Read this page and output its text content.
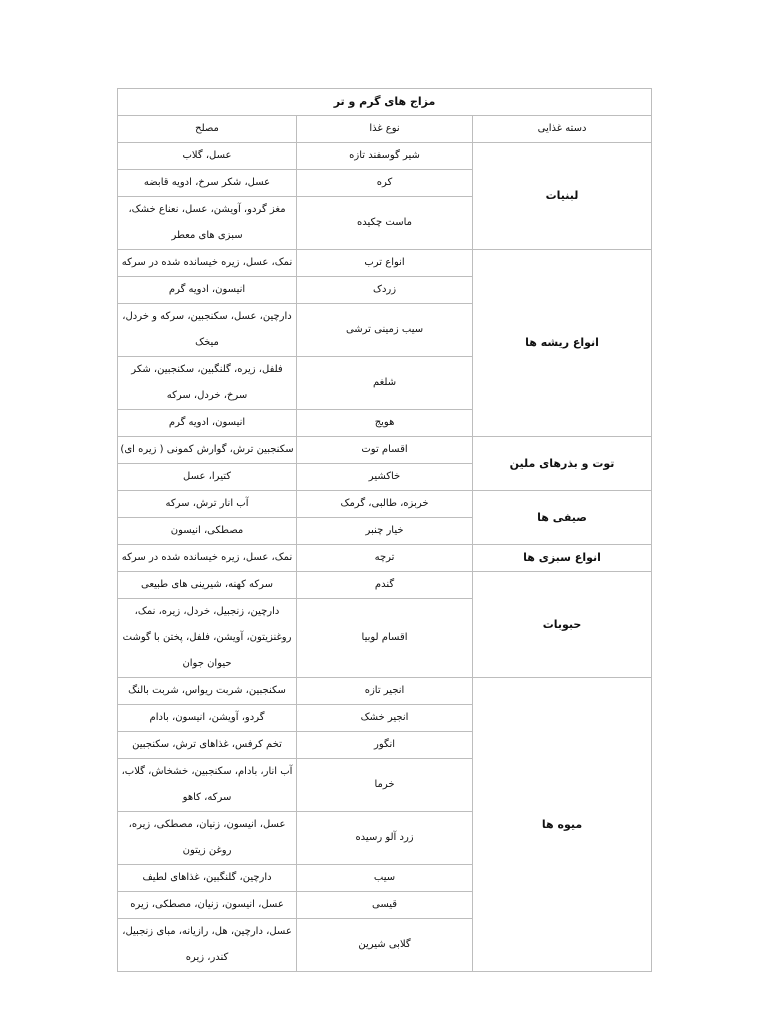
مزاج های گرم و تر		
دسته غذایی	نوع غذا	مصلح
لبنیات	شیر گوسفند تازه	عسل، گلاب
	کره	عسل، شکر سرخ، ادویه قابضه
	ماست چکیده	مغز گردو، آویشن، عسل، نعناع خشک، سبزی های معطر
انواع ریشه ها	انواع ترب	نمک، عسل، زیره خیسانده شده در سرکه
	زردک	انیسون، ادویه گرم
	سیب زمینی ترشی	دارچین، عسل، سکنجبین، سرکه و خردل، میخک
	شلغم	فلفل، زیره، گلنگبین، سکنجبین، شکر سرخ، خردل، سرکه
	هویج	انیسون، ادویه گرم
توت و بذرهای ملین	اقسام توت	سکنجبین ترش، گوارش کمونی ( زیره ای)
	خاکشیر	کتیرا، عسل
صیفی ها	خربزه، طالبی، گرمک	آب انار ترش، سرکه
	خیار چنبر	مصطکی، انیسون
انواع سبزی ها	ترچه	نمک، عسل، زیره خیسانده شده در سرکه
حبوبات	گندم	سرکه کهنه، شیرینی های طبیعی
	اقسام لوبیا	دارچین، زنجبیل، خردل، زیره، نمک، روغنزیتون، آویشن، فلفل، پختن با گوشت حیوان جوان
میوه ها	انجیر تازه	سکنجبین، شربت ریواس، شربت بالنگ
	انجیر خشک	گردو، آویشن، انیسون، بادام
	انگور	تخم کرفس، غذاهای ترش، سکنجبین
	خرما	آب انار، بادام، سکنجبین، خشخاش، گلاب، سرکه، کاهو
	زرد آلو رسیده	عسل، انیسون، زنیان، مصطکی، زیره، روغن زیتون
	سیب	دارچین، گلنگبین، غذاهای لطیف
	قیسی	عسل، انیسون، زنیان، مصطکی، زیره
	گلابی شیرین	عسل، دارچین، هل، رازیانه، مبای زنجبیل، کندر، زیره
